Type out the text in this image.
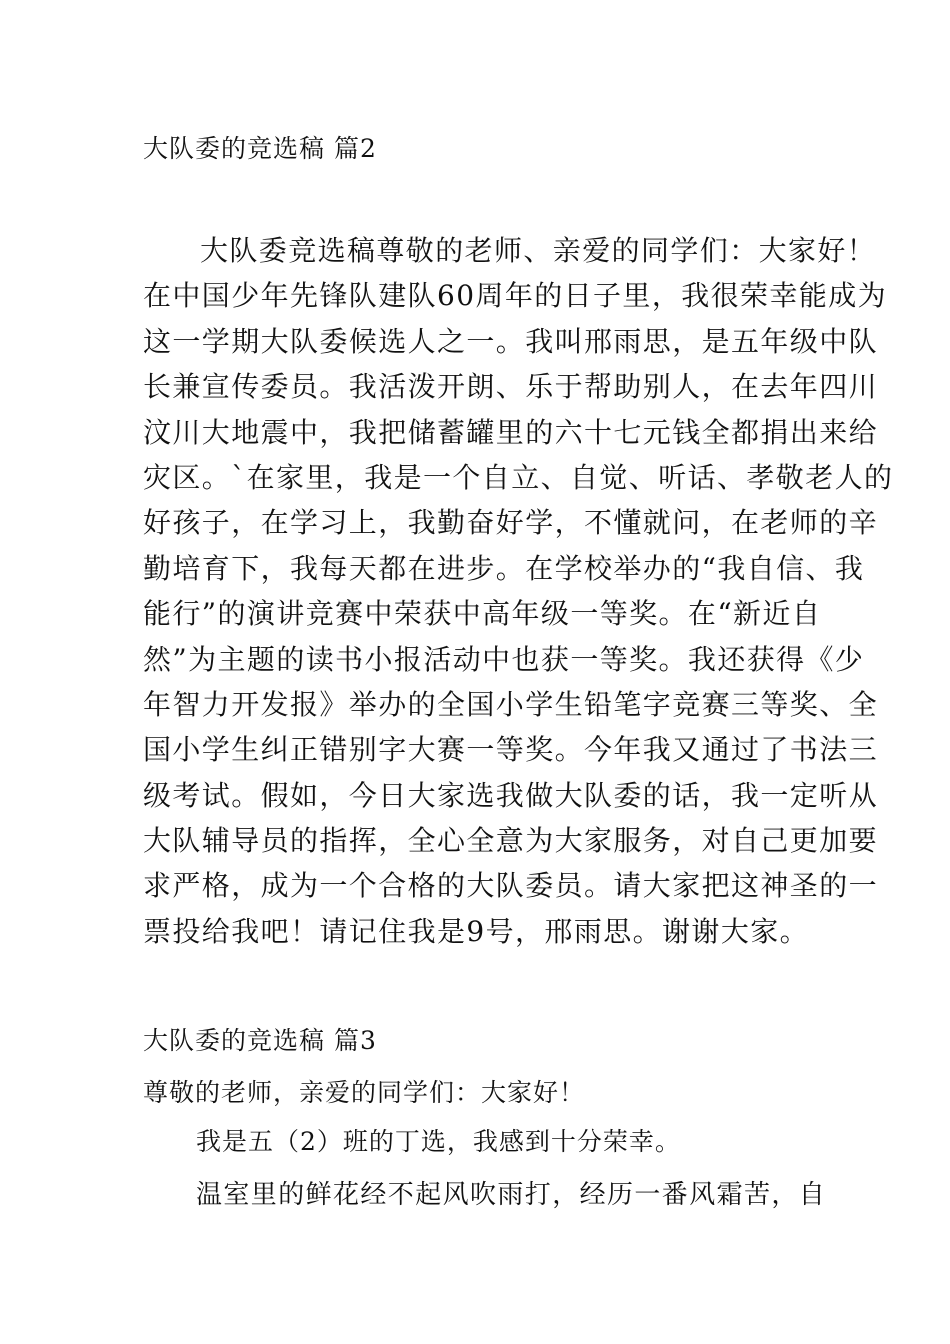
大队委的竞选稿 篇2
大队委竞选稿尊敬的老师、亲爱的同学们：大家好！
在中国少年先锋队建队60周年的日子里，我很荣幸能成为
这一学期大队委候选人之一。我叫邢雨思，是五年级中队
长兼宣传委员。我活泼开朗、乐于帮助别人，在去年四川
汶川大地震中，我把储蓄罐里的六十七元钱全都捐出来给
灾区。`在家里，我是一个自立、自觉、听话、孝敬老人的
好孩子，在学习上，我勤奋好学，不懂就问，在老师的辛
勤培育下，我每天都在进步。在学校举办的“我自信、我
能行”的演讲竞赛中荣获中高年级一等奖。在“新近自
然”为主题的读书小报活动中也获一等奖。我还获得《少
年智力开发报》举办的全国小学生铅笔字竞赛三等奖、全
国小学生纠正错别字大赛一等奖。今年我又通过了书法三
级考试。假如，今日大家选我做大队委的话，我一定听从
大队辅导员的指挥，全心全意为大家服务，对自己更加要
求严格，成为一个合格的大队委员。请大家把这神圣的一
票投给我吧！请记住我是9号，邢雨思。谢谢大家。
大队委的竞选稿 篇3
尊敬的老师，亲爱的同学们：大家好！
我是五（2）班的丁选，我感到十分荣幸。
温室里的鲜花经不起风吹雨打，经历一番风霜苦，自
